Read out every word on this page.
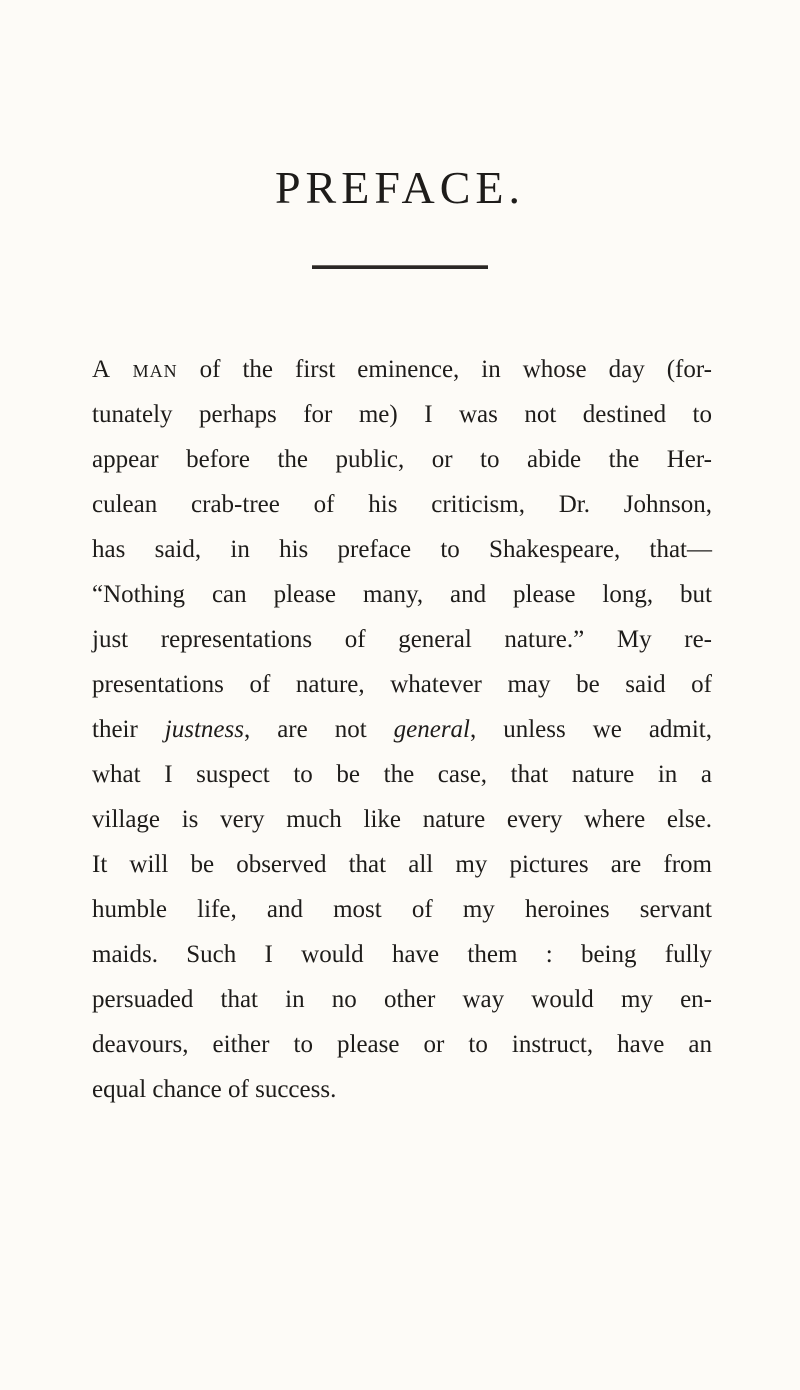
PREFACE.
A man of the first eminence, in whose day (for-
tunately perhaps for me) I was not destined to
appear before the public, or to abide the Her-
culean crab-tree of his criticism, Dr. Johnson,
has said, in his preface to Shakespeare, that—
“Nothing can please many, and please long, but
just representations of general nature.” My re-
presentations of nature, whatever may be said of
their justness, are not general, unless we admit,
what I suspect to be the case, that nature in a
village is very much like nature every where else.
It will be observed that all my pictures are from
humble life, and most of my heroines servant
maids. Such I would have them : being fully
persuaded that in no other way would my en-
deavours, either to please or to instruct, have an
equal chance of success.
